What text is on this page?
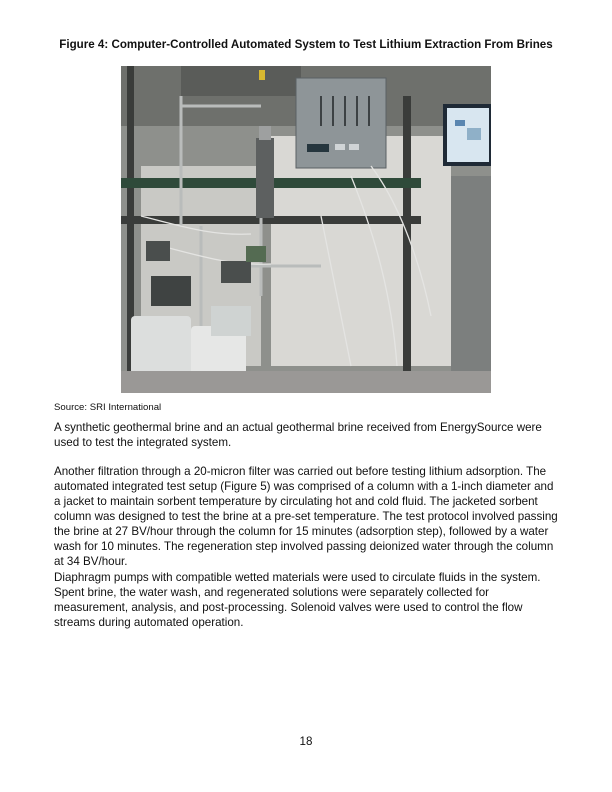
Figure 4: Computer-Controlled Automated System to Test Lithium Extraction From Brines
Source: SRI International

A synthetic geothermal brine and an actual geothermal brine received from EnergySource were used to test the integrated system.

Another filtration through a 20-micron filter was carried out before testing lithium adsorption. The automated integrated test setup (Figure 5) was comprised of a column with a 1-inch diameter and a jacket to maintain sorbent temperature by circulating hot and cold fluid. The jacketed sorbent column was designed to test the brine at a pre-set temperature. The test protocol involved passing the brine at 27 BV/hour through the column for 15 minutes (adsorption step), followed by a water wash for 10 minutes. The regeneration step involved passing deionized water through the column at 34 BV/hour.

Diaphragm pumps with compatible wetted materials were used to circulate fluids in the system. Spent brine, the water wash, and regenerated solutions were separately collected for measurement, analysis, and post-processing. Solenoid valves were used to control the flow streams during automated operation.

18
